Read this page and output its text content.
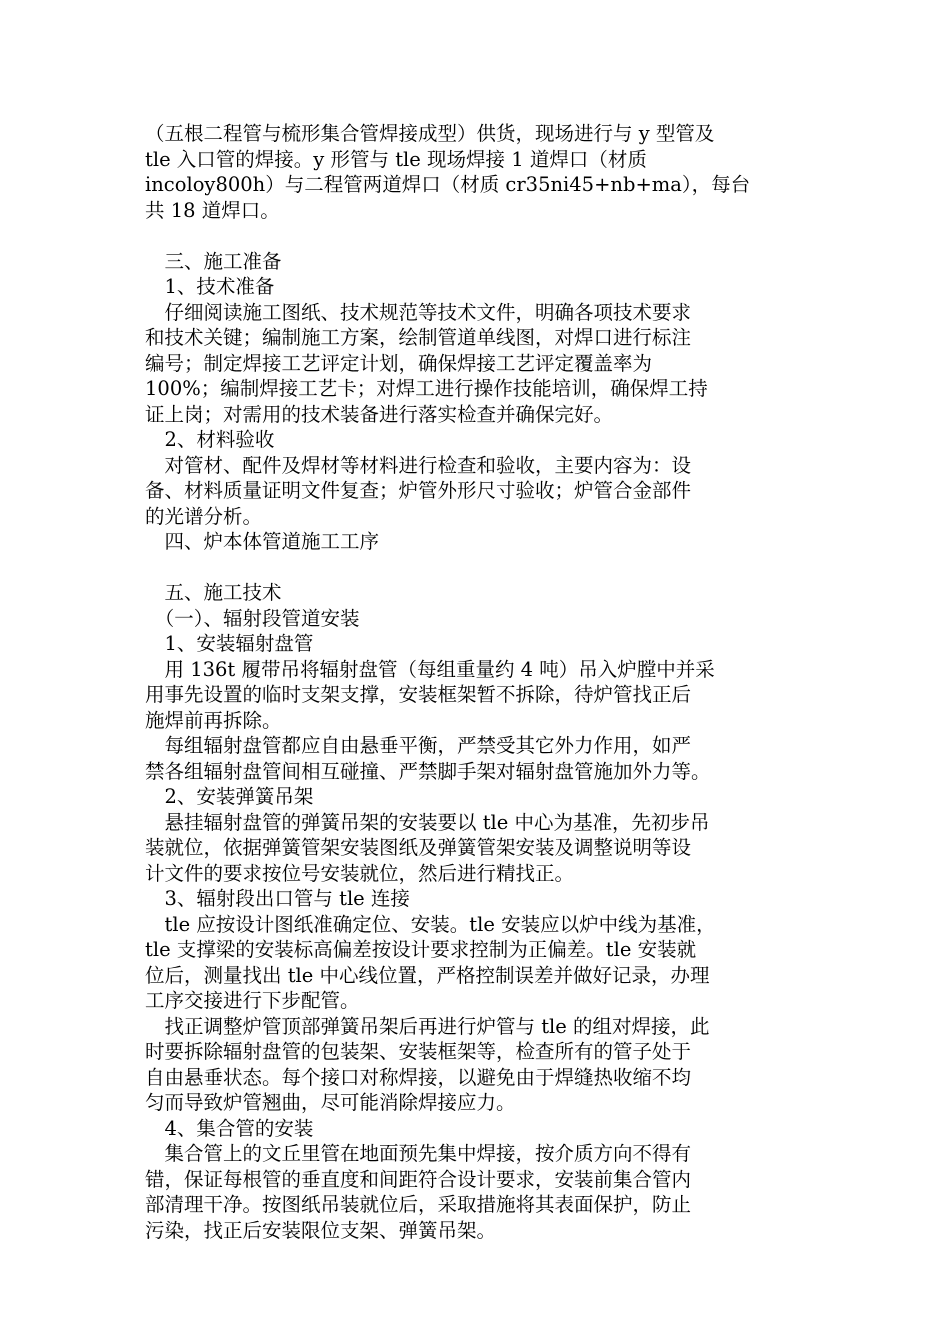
（五根二程管与梳形集合管焊接成型）供货，现场进行与 y 型管及
tle 入口管的焊接。y 形管与 tle 现场焊接 1 道焊口（材质
incoloy800h）与二程管两道焊口（材质 cr35ni45+nb+ma），每台
共 18 道焊口。
　三、施工准备
　1、技术准备
　仔细阅读施工图纸、技术规范等技术文件，明确各项技术要求
和技术关键；编制施工方案，绘制管道单线图，对焊口进行标注
编号；制定焊接工艺评定计划，确保焊接工艺评定覆盖率为
100%；编制焊接工艺卡；对焊工进行操作技能培训，确保焊工持
证上岗；对需用的技术装备进行落实检查并确保完好。
　2、材料验收
　对管材、配件及焊材等材料进行检查和验收，主要内容为：设
备、材料质量证明文件复查；炉管外形尺寸验收；炉管合金部件
的光谱分析。
　四、炉本体管道施工工序
　五、施工技术
　（一）、辐射段管道安装
　1、安装辐射盘管
　用 136t 履带吊将辐射盘管（每组重量约 4 吨）吊入炉膛中并采
用事先设置的临时支架支撑，安装框架暂不拆除，待炉管找正后
施焊前再拆除。
　每组辐射盘管都应自由悬垂平衡，严禁受其它外力作用，如严
禁各组辐射盘管间相互碰撞、严禁脚手架对辐射盘管施加外力等。
　2、安装弹簧吊架
　悬挂辐射盘管的弹簧吊架的安装要以 tle 中心为基准，先初步吊
装就位，依据弹簧管架安装图纸及弹簧管架安装及调整说明等设
计文件的要求按位号安装就位，然后进行精找正。
　3、辐射段出口管与 tle 连接
　tle 应按设计图纸准确定位、安装。tle 安装应以炉中线为基准，
tle 支撑梁的安装标高偏差按设计要求控制为正偏差。tle 安装就
位后，测量找出 tle 中心线位置，严格控制误差并做好记录，办理
工序交接进行下步配管。
　找正调整炉管顶部弹簧吊架后再进行炉管与 tle 的组对焊接，此
时要拆除辐射盘管的包装架、安装框架等，检查所有的管子处于
自由悬垂状态。每个接口对称焊接，以避免由于焊缝热收缩不均
匀而导致炉管翘曲，尽可能消除焊接应力。
　4、集合管的安装
　集合管上的文丘里管在地面预先集中焊接，按介质方向不得有
错，保证每根管的垂直度和间距符合设计要求，安装前集合管内
部清理干净。按图纸吊装就位后，采取措施将其表面保护，防止
污染，找正后安装限位支架、弹簧吊架。
